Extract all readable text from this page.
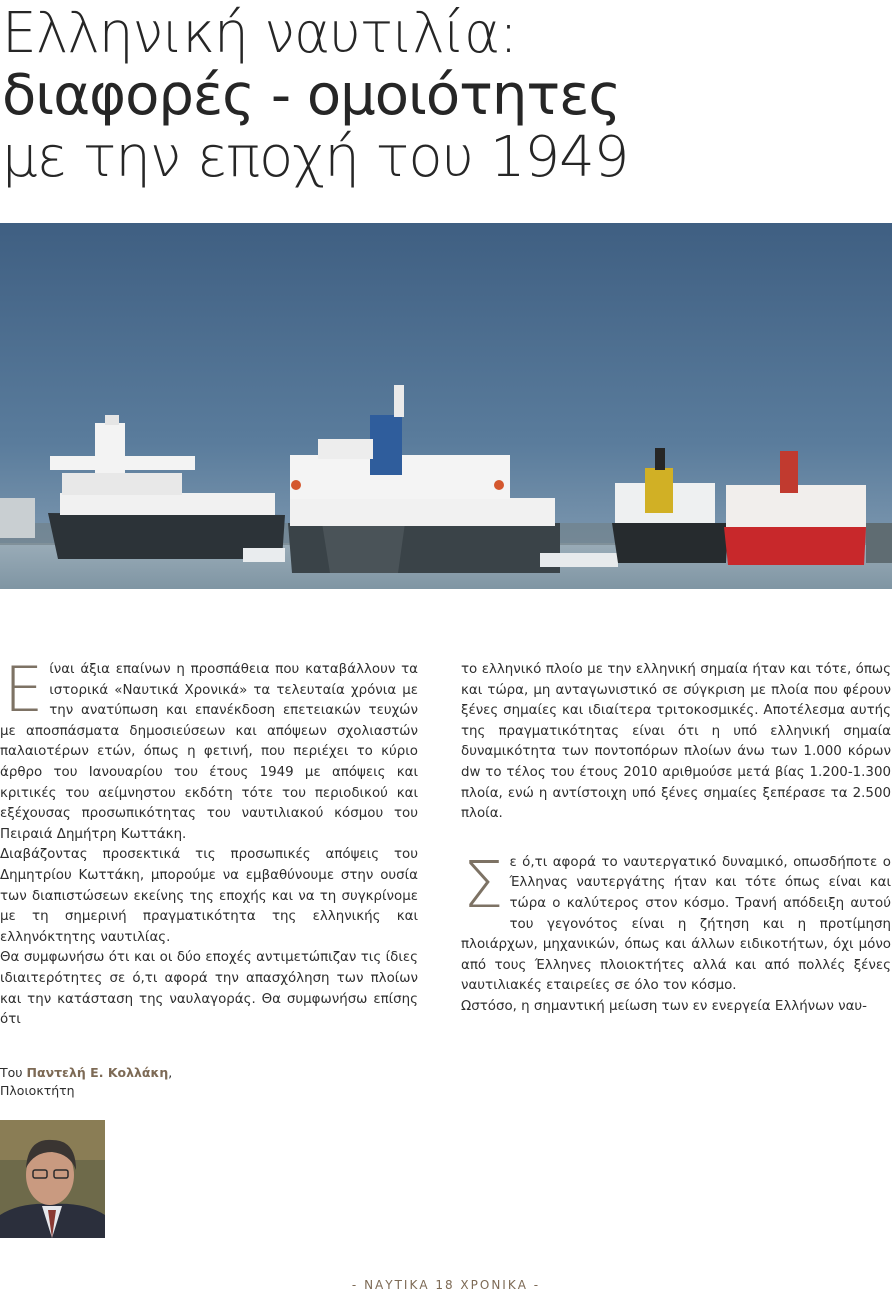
Ελληνική ναυτιλία:
διαφορές - ομοιότητες
με την εποχή του 1949

Είναι άξια επαίνων η προσπάθεια που καταβάλλουν τα ιστορικά «Ναυτικά Χρονικά» τα τελευταία χρόνια με την ανατύπωση και επανέκδοση επετειακών τευχών με αποσπάσματα δημοσιεύσεων και απόψεων σχολιαστών παλαιοτέρων ετών, όπως η φετινή, που περιέχει το κύριο άρθρο του Ιανουαρίου του έτους 1949 με απόψεις και κριτικές του αείμνηστου εκδότη τότε του περιοδικού και εξέχουσας προσωπικότητας του ναυτιλιακού κόσμου του Πειραιά Δημήτρη Κωττάκη.

Διαβάζοντας προσεκτικά τις προσωπικές απόψεις του Δημητρίου Κωττάκη, μπορούμε να εμβαθύνουμε στην ουσία των διαπιστώσεων εκείνης της εποχής και να τη συγκρίνομε με τη σημερινή πραγματικότητα της ελληνικής και ελληνόκτητης ναυτιλίας.

Θα συμφωνήσω ότι και οι δύο εποχές αντιμετώπιζαν τις ίδιες ιδιαιτερότητες σε ό,τι αφορά την απασχόληση των πλοίων και την κατάσταση της ναυλαγοράς. Θα συμφωνήσω επίσης ότι

το ελληνικό πλοίο με την ελληνική σημαία ήταν και τότε, όπως και τώρα, μη ανταγωνιστικό σε σύγκριση με πλοία που φέρουν ξένες σημαίες και ιδιαίτερα τριτοκοσμικές. Αποτέλεσμα αυτής της πραγματικότητας είναι ότι η υπό ελληνική σημαία δυναμικότητα των ποντοπόρων πλοίων άνω των 1.000 κόρων dw το τέλος του έτους 2010 αριθμούσε μετά βίας 1.200-1.300 πλοία, ενώ η αντίστοιχη υπό ξένες σημαίες ξεπέρασε τα 2.500 πλοία.

Σε ό,τι αφορά το ναυτεργατικό δυναμικό, οπωσδήποτε ο Έλληνας ναυτεργάτης ήταν και τότε όπως είναι και τώρα ο καλύτερος στον κόσμο. Τρανή απόδειξη αυτού του γεγονότος είναι η ζήτηση και η προτίμηση πλοιάρχων, μηχανικών, όπως και άλλων ειδικοτήτων, όχι μόνο από τους Έλληνες πλοιοκτήτες αλλά και από πολλές ξένες ναυτιλιακές εταιρείες σε όλο τον κόσμο.

Ωστόσο, η σημαντική μείωση των εν ενεργεία Ελλήνων ναυ-

Του Παντελή Ε. Κολλάκη,
Πλοιοκτήτη
- ΝΑΥΤΙΚΑ 18 ΧΡΟΝΙΚΑ -
